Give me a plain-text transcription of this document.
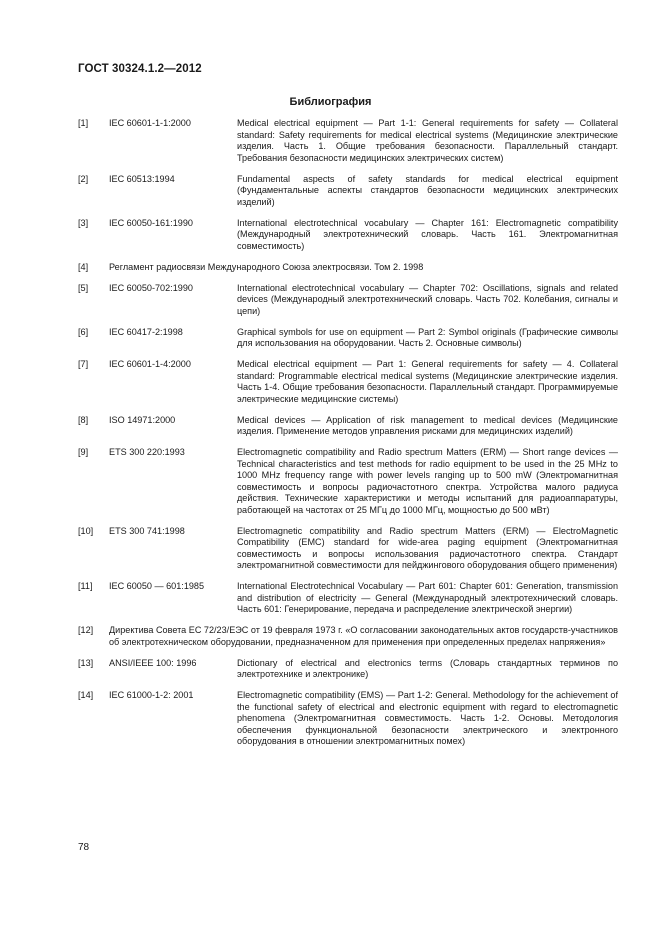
ГОСТ 30324.1.2—2012
Библиография
[1] IEC 60601-1-1:2000	Medical electrical equipment — Part 1-1: General requirements for safety — Collateral standard: Safety requirements for medical electrical systems (Медицинские электрические изделия. Часть 1. Общие требования безопасности. Параллельный стандарт. Требования безопасности медицинских электрических систем)
[2] IEC 60513:1994	Fundamental aspects of safety standards for medical electrical equipment (Фундаментальные аспекты стандартов безопасности медицинских электрических изделий)
[3] IEC 60050-161:1990	International electrotechnical vocabulary — Chapter 161: Electromagnetic compatibility (Международный электротехнический словарь. Часть 161. Электромагнитная совместимость)
[4] Регламент радиосвязи Международного Союза электросвязи. Том 2. 1998
[5] IEC 60050-702:1990	International electrotechnical vocabulary — Chapter 702: Oscillations, signals and related devices (Международный электротехнический словарь. Часть 702. Колебания, сигналы и цепи)
[6] IEC 60417-2:1998	Graphical symbols for use on equipment — Part 2: Symbol originals (Графические символы для использования на оборудовании. Часть 2. Основные символы)
[7] IEC 60601-1-4:2000	Medical electrical equipment — Part 1: General requirements for safety — 4. Collateral standard: Programmable electrical medical systems (Медицинские электрические изделия. Часть 1-4. Общие требования безопасности. Параллельный стандарт. Программируемые электрические медицинские системы)
[8] ISO 14971:2000	Medical devices — Application of risk management to medical devices (Медицинские изделия. Применение методов управления рисками для медицинских изделий)
[9] ETS 300 220:1993	Electromagnetic compatibility and Radio spectrum Matters (ERM) — Short range devices — Technical characteristics and test methods for radio equipment to be used in the 25 MHz to 1000 MHz frequency range with power levels ranging up to 500 mW (Электромагнитная совместимость и вопросы радиочастотного спектра. Устройства малого радиуса действия. Технические характеристики и методы испытаний для радиоаппаратуры, работающей на частотах от 25 МГц до 1000 МГц, мощностью до 500 мВт)
[10] ETS 300 741:1998	Electromagnetic compatibility and Radio spectrum Matters (ERM) — ElectroMagnetic Compatibility (EMC) standard for wide-area paging equipment (Электромагнитная совместимость и вопросы использования радиочастотного спектра. Стандарт электромагнитной совместимости для пейджингового оборудования общего применения)
[11] IEC 60050 — 601:1985	International Electrotechnical Vocabulary — Part 601: Chapter 601: Generation, transmission and distribution of electricity — General (Международный электротехнический словарь. Часть 601: Генерирование, передача и распределение электрической энергии)
[12] Директива Совета ЕС 72/23/ЕЭС от 19 февраля 1973 г. «О согласовании законодательных актов государств-участников об электротехническом оборудовании, предназначенном для применения при определенных пределах напряжения»
[13] ANSI/IEEE 100: 1996	Dictionary of electrical and electronics terms (Словарь стандартных терминов по электротехнике и электронике)
[14] IEC 61000-1-2: 2001	Electromagnetic compatibility (EMS) — Part 1-2: General. Methodology for the achievement of the functional safety of electrical and electronic equipment with regard to electromagnetic phenomena (Электромагнитная совместимость. Часть 1-2. Основы. Методология обеспечения функциональной безопасности электрического и электронного оборудования в отношении электромагнитных помех)
78
